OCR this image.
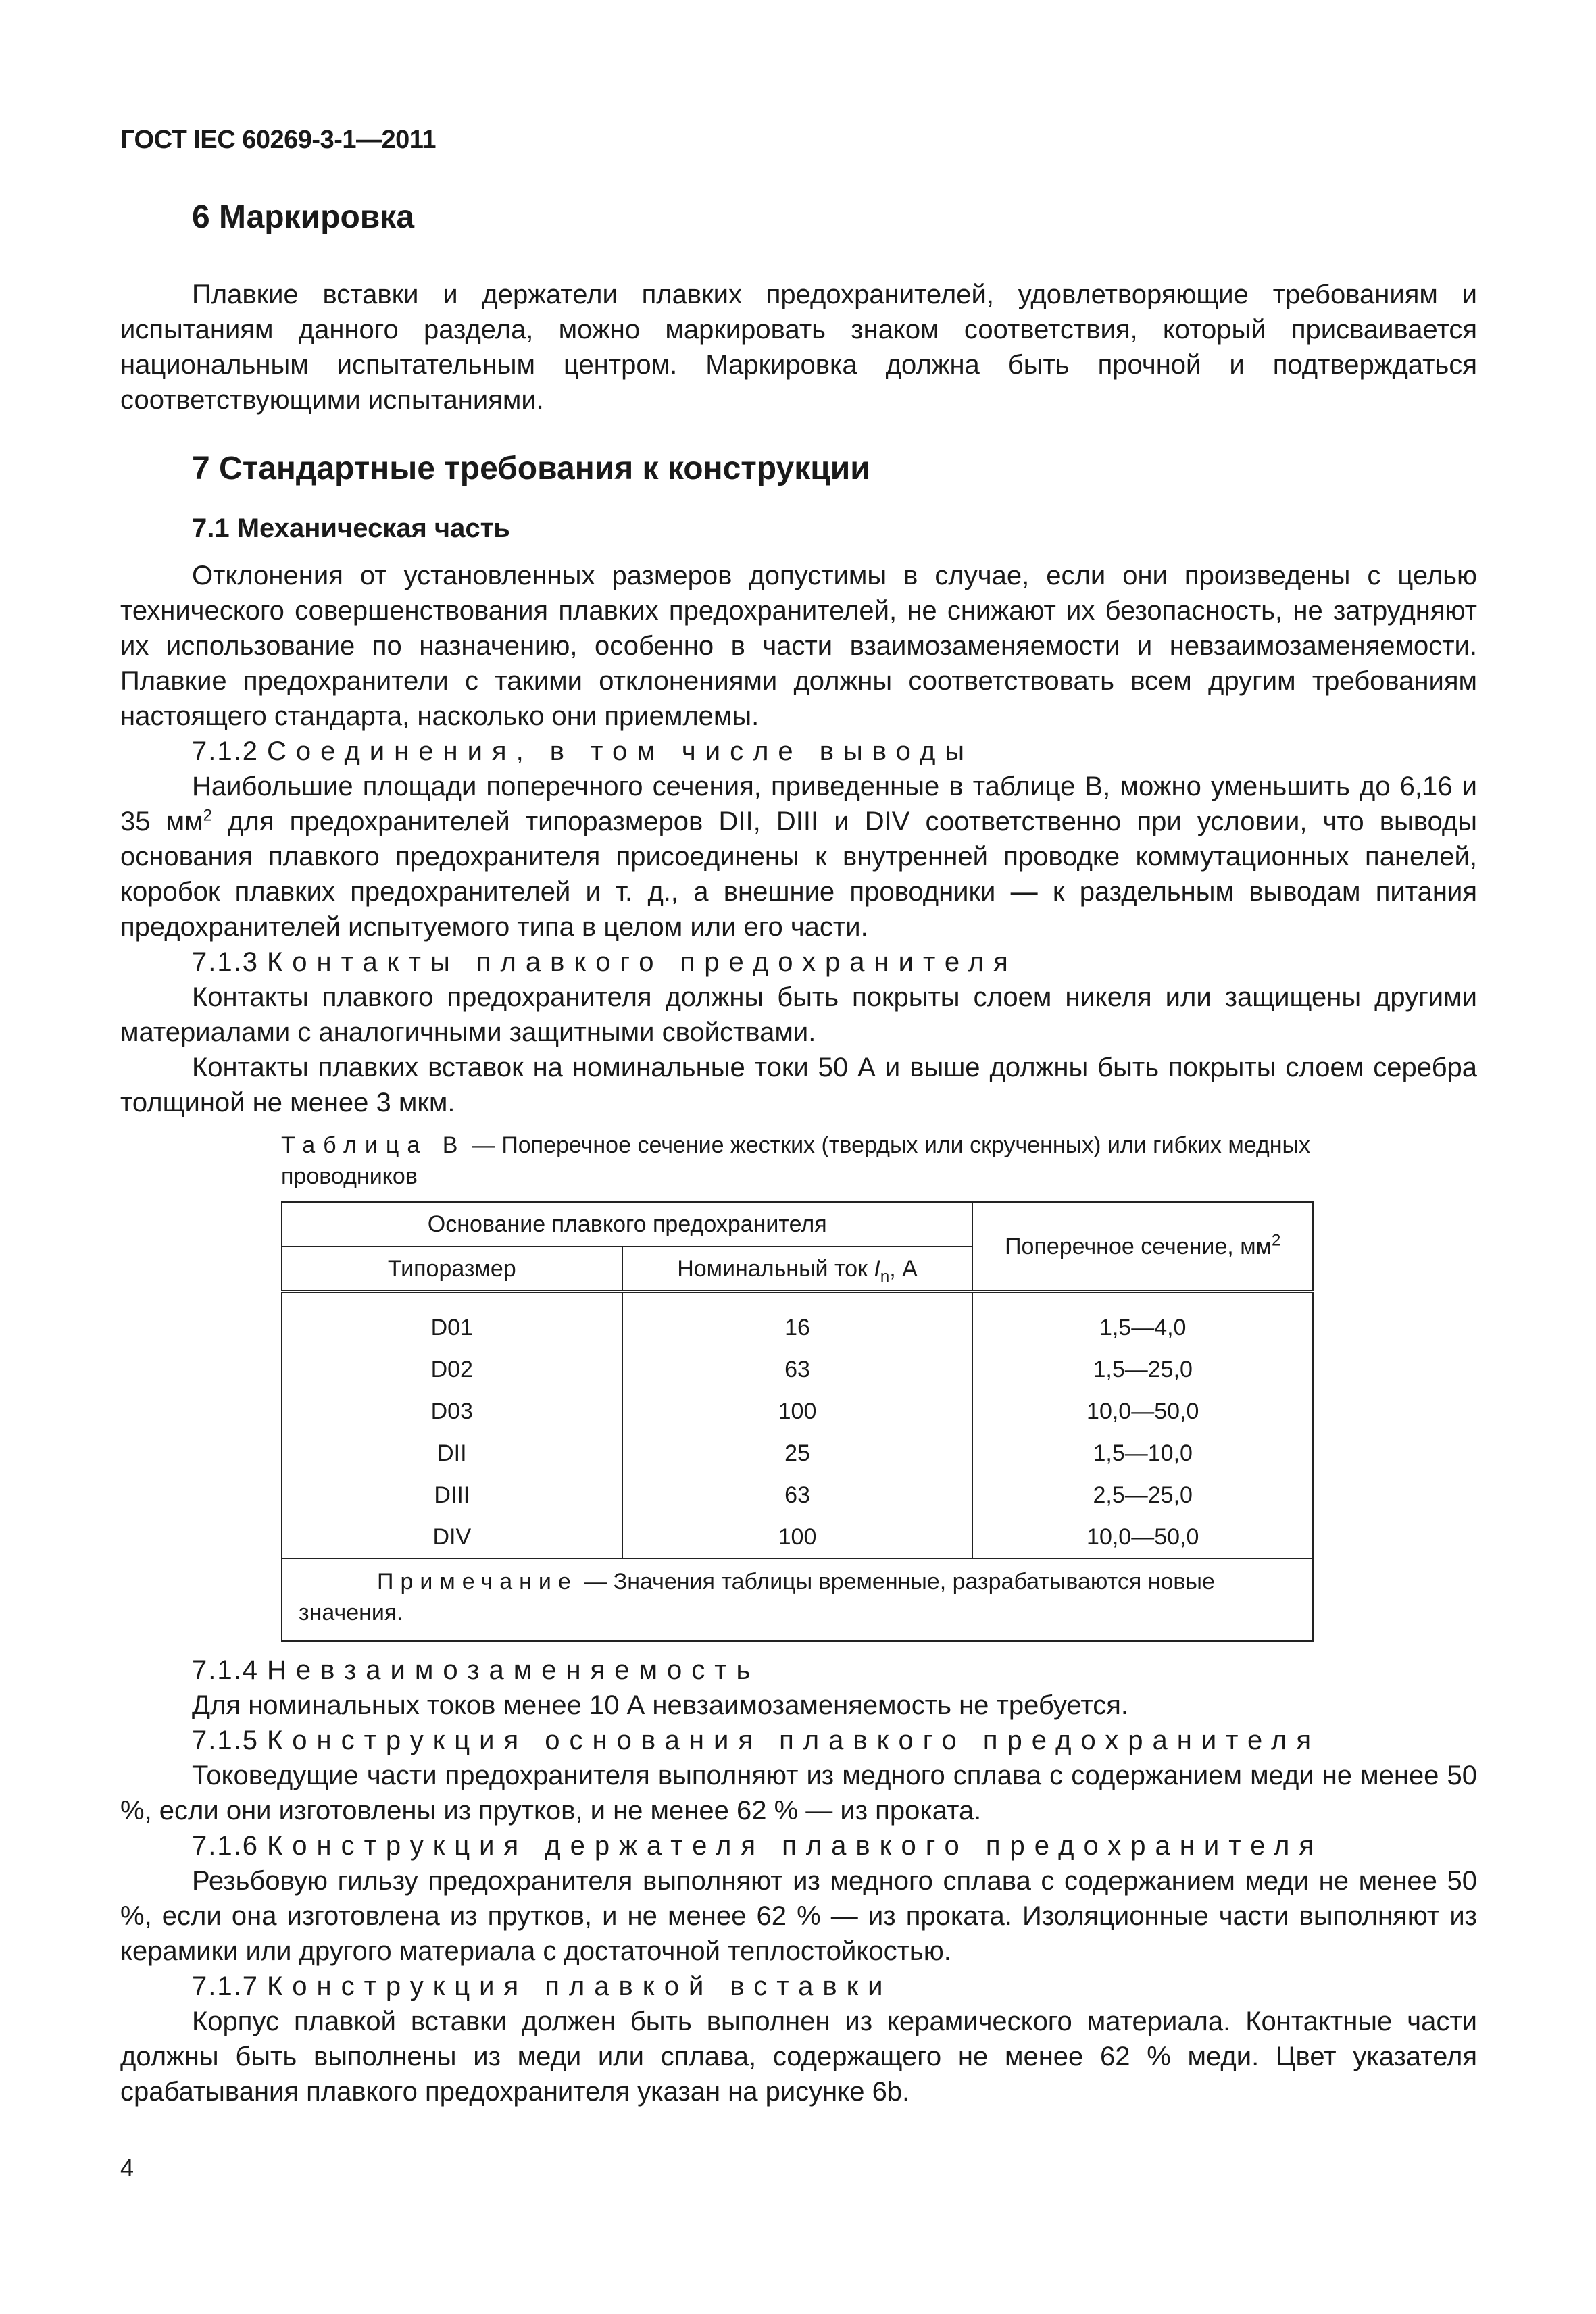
ГОСТ IEC 60269-3-1—2011
6 Маркировка

Плавкие вставки и держатели плавких предохранителей, удовлетворяющие требованиям и испытаниям данного раздела, можно маркировать знаком соответствия, который присваивается национальным испытательным центром. Маркировка должна быть прочной и подтверждаться соответствующими испытаниями.

7 Стандартные требования к конструкции
7.1 Механическая часть

Отклонения от установленных размеров допустимы в случае, если они произведены с целью технического совершенствования плавких предохранителей, не снижают их безопасность, не затрудняют их использование по назначению, особенно в части взаимозаменяемости и невзаимозаменяемости. Плавкие предохранители с такими отклонениями должны соответствовать всем другим требованиям настоящего стандарта, насколько они приемлемы.

7.1.2 Соединения, в том числе выводы

Наибольшие площади поперечного сечения, приведенные в таблице В, можно уменьшить до 6,16 и 35 $мм^2$ для предохранителей типоразмеров DII, DIII и DIV соответственно при условии, что выводы основания плавкого предохранителя присоединены к внутренней проводке коммутационных панелей, коробок плавких предохранителей и т. д., а внешние проводники — к раздельным выводам питания предохранителей испытуемого типа в целом или его части.

7.1.3 Контакты плавкого предохранителя

Контакты плавкого предохранителя должны быть покрыты слоем никеля или защищены другими материалами с аналогичными защитными свойствами.

Контакты плавких вставок на номинальные токи 50 А и выше должны быть покрыты слоем серебра толщиной не менее 3 мкм.

Таблица В — Поперечное сечение жестких (твердых или скрученных) или гибких медных проводников
Основание плавкого предохранителя		Поперечное сечение, $мм^2$
Типоразмер	Номинальный ток $I_n$, А	
D01	16	1,5—4,0
D02	63	1,5—25,0
D03	100	10,0—50,0
DII	25	1,5—10,0
DIII	63	2,5—25,0
DIV	100	10,0—50,0
Примечание — Значения таблицы временные, разрабатываются новые значения.		
7.1.4 Невзаимозаменяемость

Для номинальных токов менее 10 А невзаимозаменяемость не требуется.

7.1.5 Конструкция основания плавкого предохранителя

Токоведущие части предохранителя выполняют из медного сплава с содержанием меди не менее 50 %, если они изготовлены из прутков, и не менее 62 % — из проката.

7.1.6 Конструкция держателя плавкого предохранителя

Резьбовую гильзу предохранителя выполняют из медного сплава с содержанием меди не менее 50 %, если она изготовлена из прутков, и не менее 62 % — из проката. Изоляционные части выполняют из керамики или другого материала с достаточной теплостойкостью.

7.1.7 Конструкция плавкой вставки

Корпус плавкой вставки должен быть выполнен из керамического материала. Контактные части должны быть выполнены из меди или сплава, содержащего не менее 62 % меди. Цвет указателя срабатывания плавкого предохранителя указан на рисунке 6b.

4
